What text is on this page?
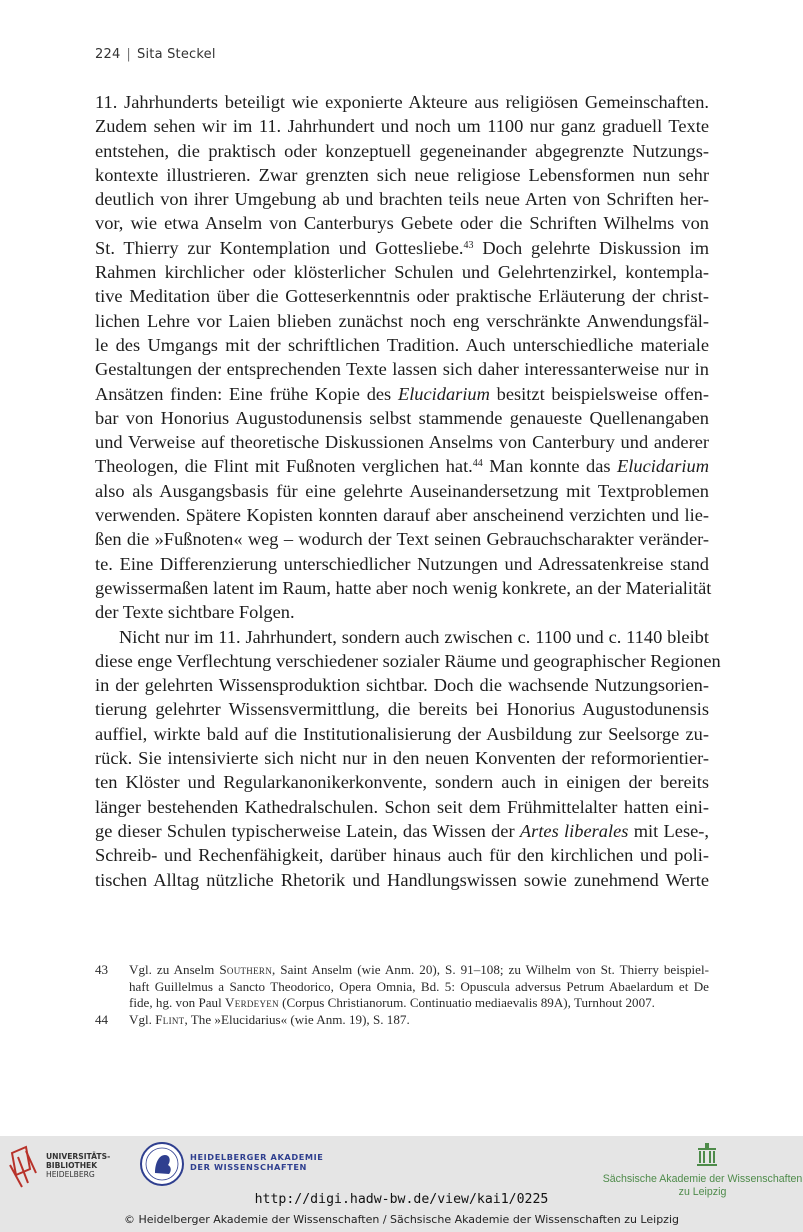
224 | Sita Steckel
11. Jahrhunderts beteiligt wie exponierte Akteure aus religiösen Gemeinschaften.
Zudem sehen wir im 11. Jahrhundert und noch um 1100 nur ganz graduell Texte
entstehen, die praktisch oder konzeptuell gegeneinander abgegrenzte Nutzungs-
kontexte illustrieren. Zwar grenzten sich neue religiose Lebensformen nun sehr
deutlich von ihrer Umgebung ab und brachten teils neue Arten von Schriften her-
vor, wie etwa Anselm von Canterburys Gebete oder die Schriften Wilhelms von
St. Thierry zur Kontemplation und Gottesliebe.$^{43}$ Doch gelehrte Diskussion im
Rahmen kirchlicher oder klösterlicher Schulen und Gelehrtenzirkel, kontempla-
tive Meditation über die Gotteserkenntnis oder praktische Erläuterung der christ-
lichen Lehre vor Laien blieben zunächst noch eng verschränkte Anwendungsfäl-
le des Umgangs mit der schriftlichen Tradition. Auch unterschiedliche materiale
Gestaltungen der entsprechenden Texte lassen sich daher interessanterweise nur in
Ansätzen finden: Eine frühe Kopie des Elucidarium besitzt beispielsweise offen-
bar von Honorius Augustodunensis selbst stammende genaueste Quellenangaben
und Verweise auf theoretische Diskussionen Anselms von Canterbury und anderer
Theologen, die Flint mit Fußnoten verglichen hat.$^{44}$ Man konnte das Elucidarium
also als Ausgangsbasis für eine gelehrte Auseinandersetzung mit Textproblemen
verwenden. Spätere Kopisten konnten darauf aber anscheinend verzichten und lie-
ßen die »Fußnoten« weg – wodurch der Text seinen Gebrauchscharakter veränder-
te. Eine Differenzierung unterschiedlicher Nutzungen und Adressatenkreise stand
gewissermaßen latent im Raum, hatte aber noch wenig konkrete, an der Materialität
der Texte sichtbare Folgen.
Nicht nur im 11. Jahrhundert, sondern auch zwischen c. 1100 und c. 1140 bleibt
diese enge Verflechtung verschiedener sozialer Räume und geographischer Regionen
in der gelehrten Wissensproduktion sichtbar. Doch die wachsende Nutzungsorien-
tierung gelehrter Wissensvermittlung, die bereits bei Honorius Augustodunensis
auffiel, wirkte bald auf die Institutionalisierung der Ausbildung zur Seelsorge zu-
rück. Sie intensivierte sich nicht nur in den neuen Konventen der reformorientier-
ten Klöster und Regularkanonikerkonvente, sondern auch in einigen der bereits
länger bestehenden Kathedralschulen. Schon seit dem Frühmittelalter hatten eini-
ge dieser Schulen typischerweise Latein, das Wissen der Artes liberales mit Lese-,
Schreib- und Rechenfähigkeit, darüber hinaus auch für den kirchlichen und poli-
tischen Alltag nützliche Rhetorik und Handlungswissen sowie zunehmend Werte
43 Vgl. zu Anselm Southern, Saint Anselm (wie Anm. 20), S. 91–108; zu Wilhelm von St. Thierry beispiel-
haft Guillelmus a Sancto Theodorico, Opera Omnia, Bd. 5: Opuscula adversus Petrum Abaelardum et De
fide, hg. von Paul Verdeyen (Corpus Christianorum. Continuatio mediaevalis 89A), Turnhout 2007.
44 Vgl. Flint, The »Elucidarius« (wie Anm. 19), S. 187.
UNIVERSITÄTS-
BIBLIOTHEK
HEIDELBERG
HEIDELBERGER AKADEMIE
DER WISSENSCHAFTEN
Sächsische Akademie der Wissenschaften
zu Leipzig
http://digi.hadw-bw.de/view/kai1/0225
© Heidelberger Akademie der Wissenschaften / Sächsische Akademie der Wissenschaften zu Leipzig
